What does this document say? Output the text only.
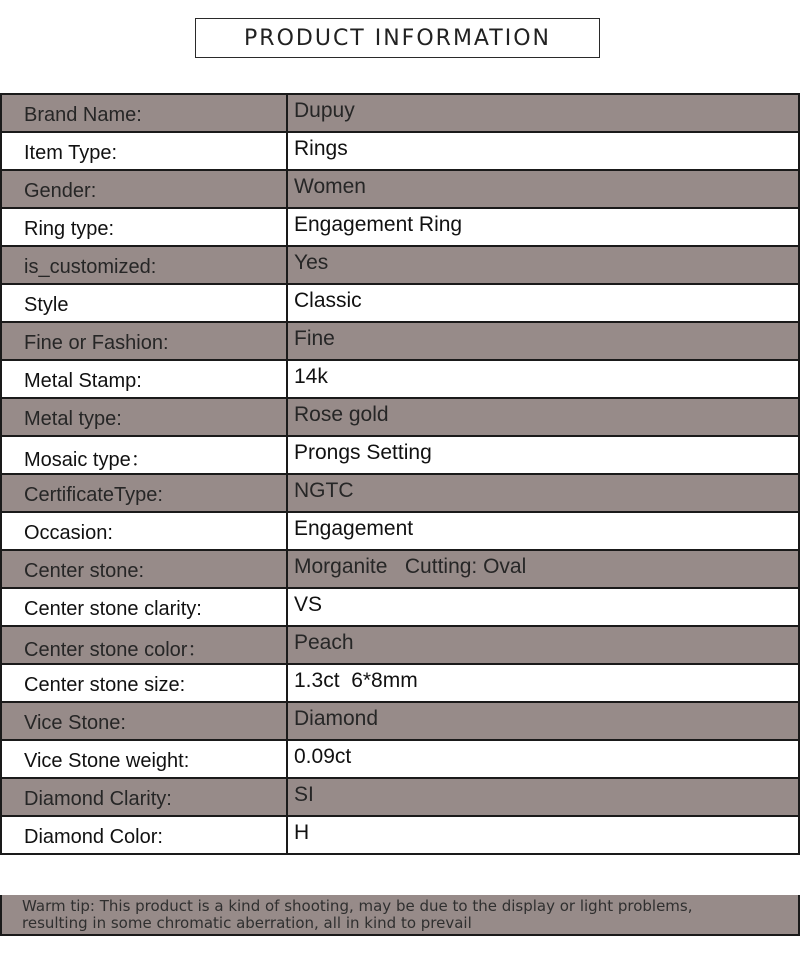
PRODUCT INFORMATION
Brand Name:	Dupuy
Item Type:	Rings
Gender:	Women
Ring type:	Engagement Ring
is_customized:	Yes
Style	Classic
Fine or Fashion:	Fine
Metal Stamp:	14k
Metal type:	Rose gold
Mosaic type：	Prongs Setting
CertificateType:	NGTC
Occasion:	Engagement
Center stone:	Morganite   Cutting: Oval
Center stone clarity:	VS
Center stone color：	Peach
Center stone size:	1.3ct  6*8mm
Vice Stone:	Diamond
Vice Stone weight:	0.09ct
Diamond Clarity:	SI
Diamond Color:	H
Warm tip: This product is a kind of shooting, may be due to the display or light problems,
resulting in some chromatic aberration, all in kind to prevail
